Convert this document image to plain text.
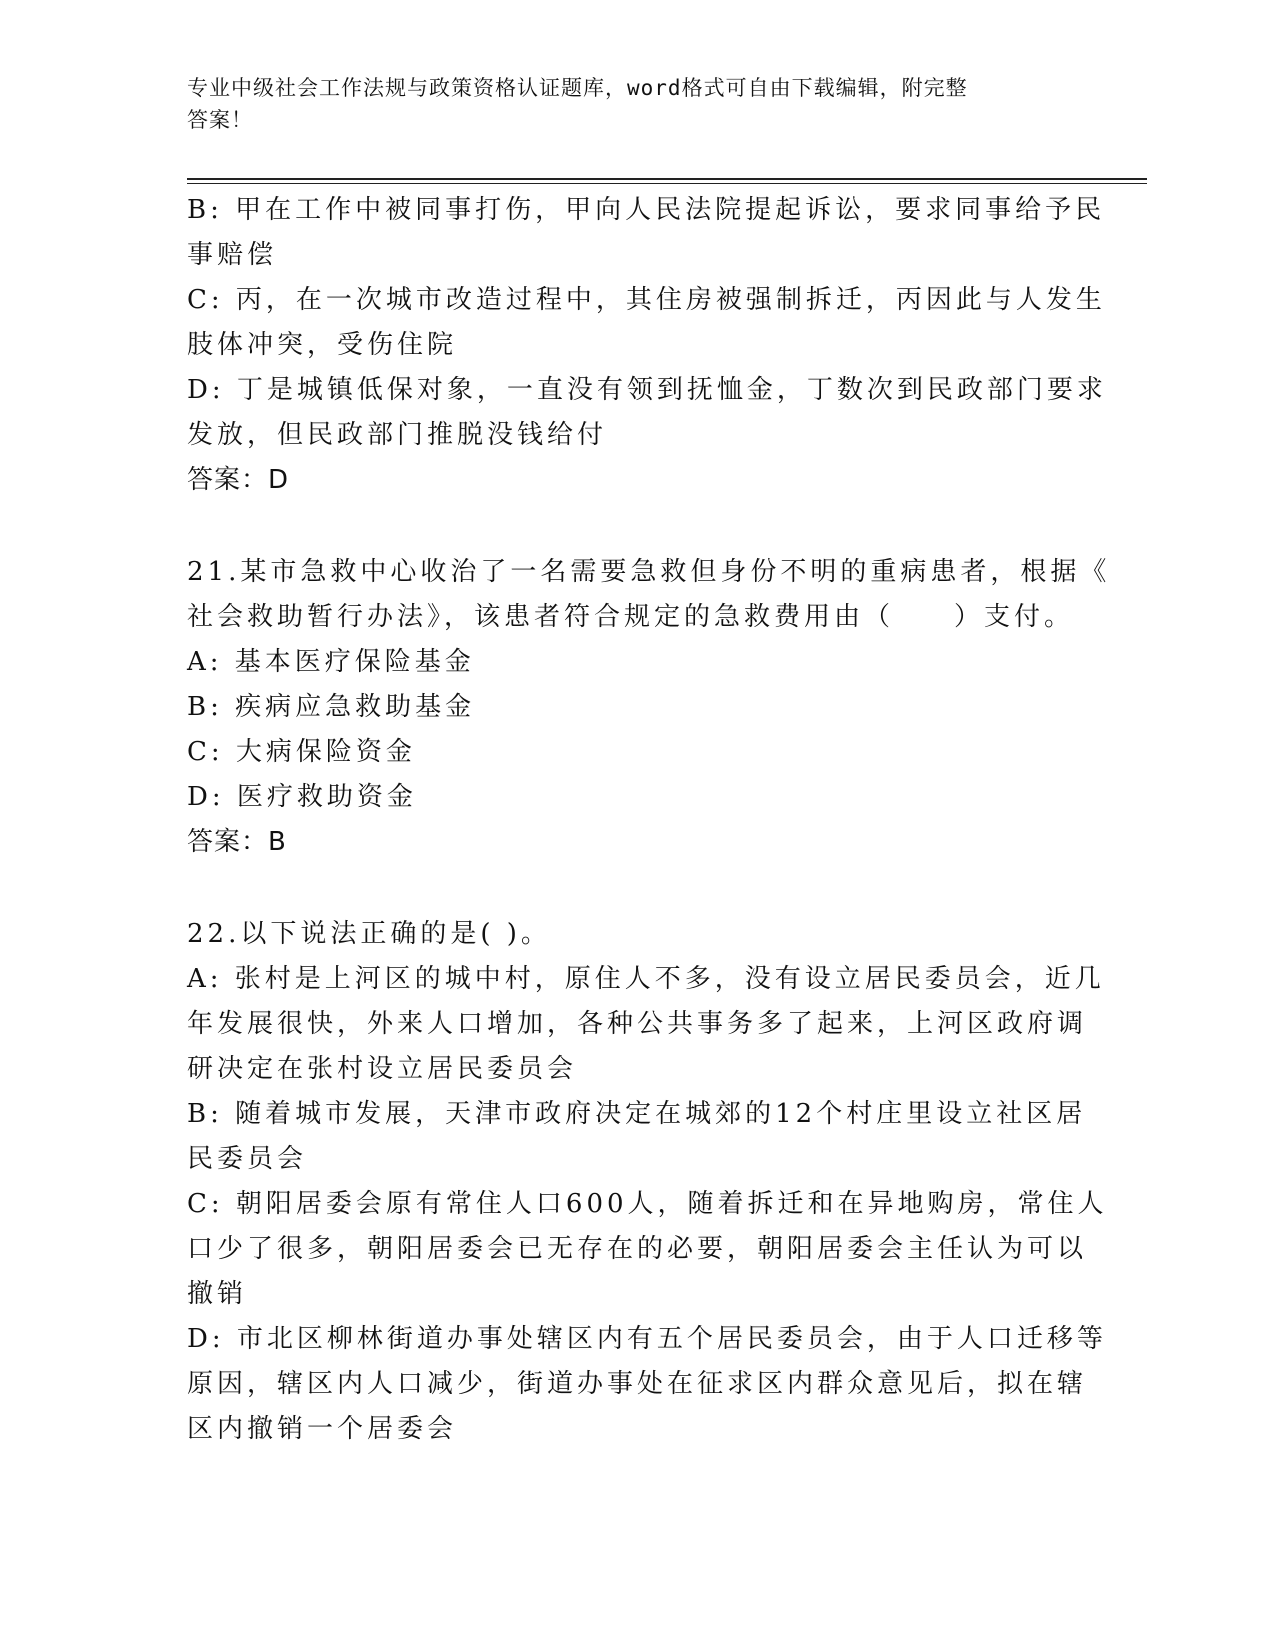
专业中级社会工作法规与政策资格认证题库，word格式可自由下载编辑，附完整
答案！
B: 甲在工作中被同事打伤，甲向人民法院提起诉讼，要求同事给予民
事赔偿
C: 丙，在一次城市改造过程中，其住房被强制拆迁，丙因此与人发生
肢体冲突，受伤住院
D: 丁是城镇低保对象，一直没有领到抚恤金，丁数次到民政部门要求
发放，但民政部门推脱没钱给付
答案：D
21.某市急救中心收治了一名需要急救但身份不明的重病患者，根据《
社会救助暂行办法》，该患者符合规定的急救费用由（　　）支付。
A: 基本医疗保险基金
B: 疾病应急救助基金
C: 大病保险资金
D: 医疗救助资金
答案：B
22.以下说法正确的是( )。
A: 张村是上河区的城中村，原住人不多，没有设立居民委员会，近几
年发展很快，外来人口增加，各种公共事务多了起来，上河区政府调
研决定在张村设立居民委员会
B: 随着城市发展，天津市政府决定在城郊的12个村庄里设立社区居
民委员会
C: 朝阳居委会原有常住人口600人，随着拆迁和在异地购房，常住人
口少了很多，朝阳居委会已无存在的必要，朝阳居委会主任认为可以
撤销
D: 市北区柳林街道办事处辖区内有五个居民委员会，由于人口迁移等
原因，辖区内人口减少，街道办事处在征求区内群众意见后，拟在辖
区内撤销一个居委会
